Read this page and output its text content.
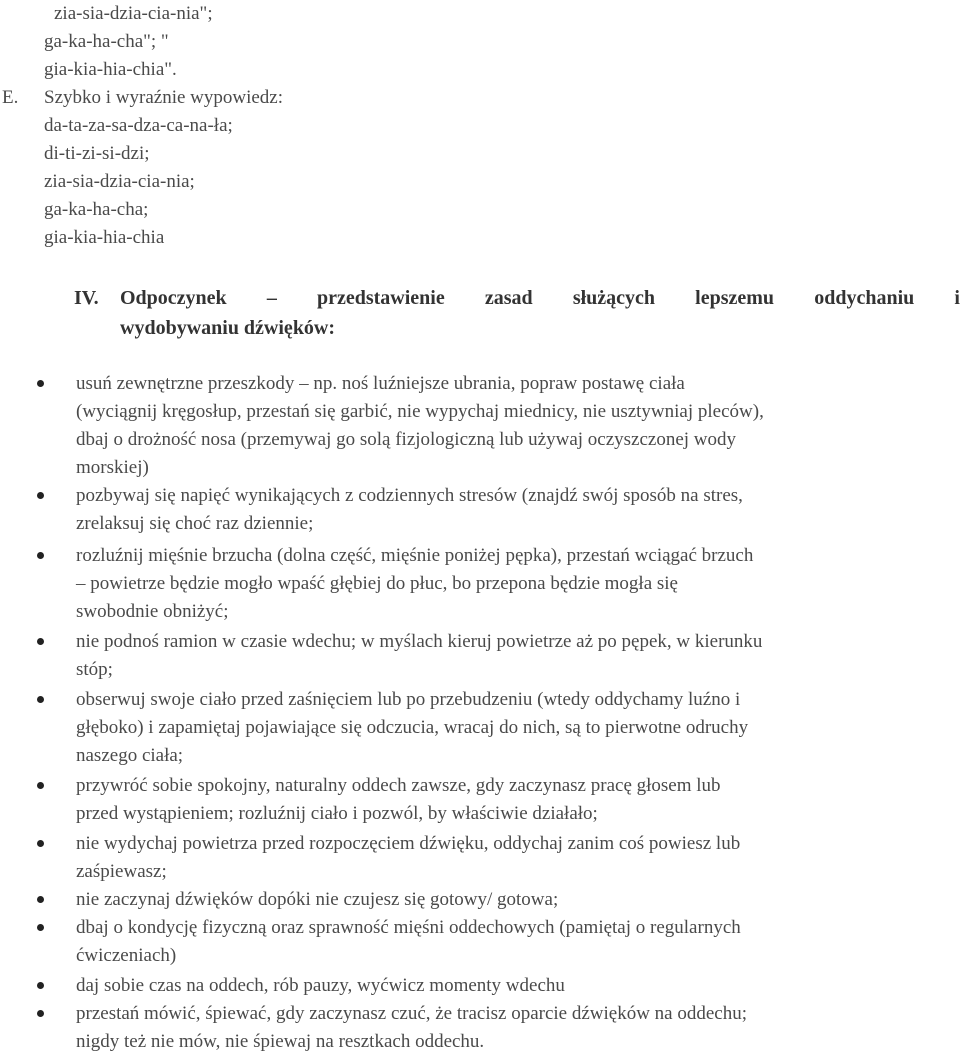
zia-sia-dzia-cia-nia";
ga-ka-ha-cha"; "
gia-kia-hia-chia".
E. Szybko i wyraźnie wypowiedz:
da-ta-za-sa-dza-ca-na-ła;
di-ti-zi-si-dzi;
zia-sia-dzia-cia-nia;
ga-ka-ha-cha;
gia-kia-hia-chia
IV. Odpoczynek – przedstawienie zasad służących lepszemu oddychaniu i
wydobywaniu dźwięków:
usuń zewnętrzne przeszkody – np. noś luźniejsze ubrania, popraw postawę ciała
(wyciągnij kręgosłup, przestań się garbić, nie wypychaj miednicy, nie usztywniaj pleców),
dbaj o drożność nosa (przemywaj go solą fizjologiczną lub używaj oczyszczonej wody
morskiej)
pozbywaj się napięć wynikających z codziennych stresów (znajdź swój sposób na stres,
zrelaksuj się choć raz dziennie;
rozluźnij mięśnie brzucha (dolna część, mięśnie poniżej pępka), przestań wciągać brzuch
– powietrze będzie mogło wpaść głębiej do płuc, bo przepona będzie mogła się
swobodnie obniżyć;
nie podnoś ramion w czasie wdechu; w myślach kieruj powietrze aż po pępek, w kierunku
stóp;
obserwuj swoje ciało przed zaśnięciem lub po przebudzeniu (wtedy oddychamy luźno i
głęboko) i zapamiętaj pojawiające się odczucia, wracaj do nich, są to pierwotne odruchy
naszego ciała;
przywróć sobie spokojny, naturalny oddech zawsze, gdy zaczynasz pracę głosem lub
przed wystąpieniem; rozluźnij ciało i pozwól, by właściwie działało;
nie wydychaj powietrza przed rozpoczęciem dźwięku, oddychaj zanim coś powiesz lub
zaśpiewasz;
nie zaczynaj dźwięków dopóki nie czujesz się gotowy/ gotowa;
dbaj o kondycję fizyczną oraz sprawność mięśni oddechowych (pamiętaj o regularnych
ćwiczeniach)
daj sobie czas na oddech, rób pauzy, wyćwicz momenty wdechu
przestań mówić, śpiewać, gdy zaczynasz czuć, że tracisz oparcie dźwięków na oddechu;
nigdy też nie mów, nie śpiewaj na resztkach oddechu.
